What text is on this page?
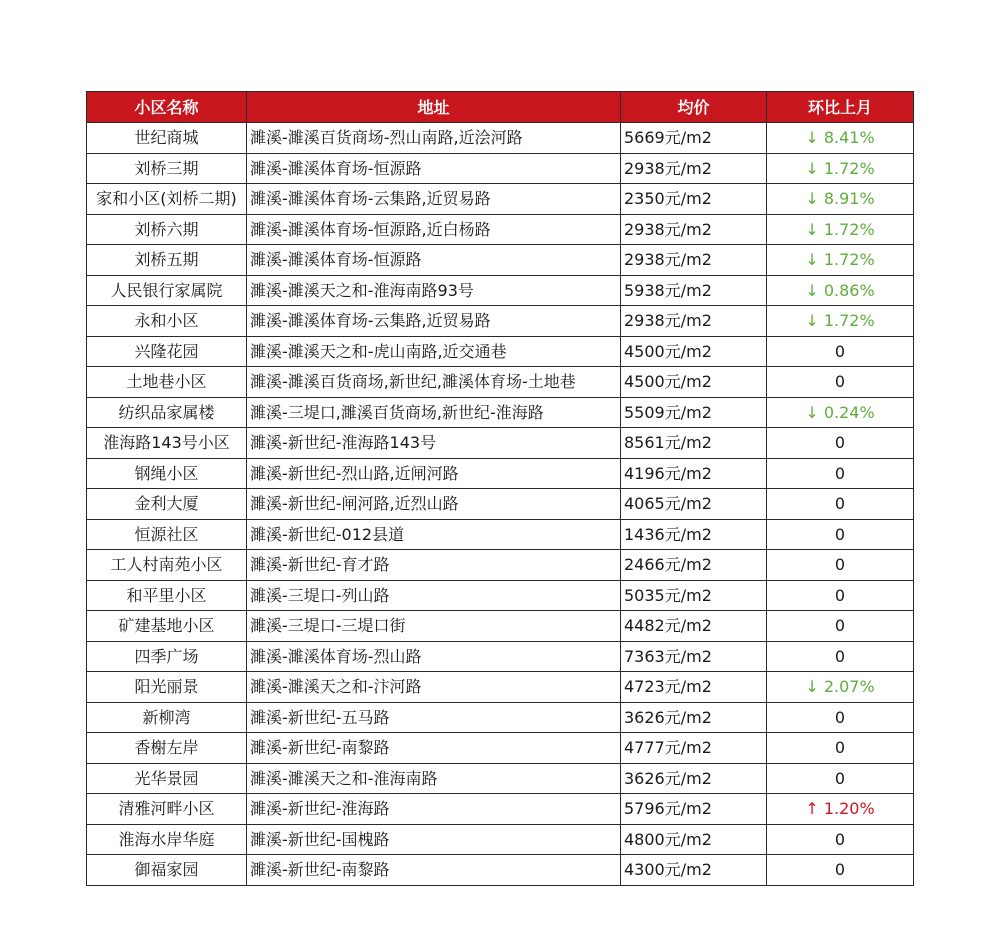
小区名称	地址	均价	环比上月
世纪商城	濉溪-濉溪百货商场-烈山南路,近浍河路	5669元/m2	↓ 8.41%
刘桥三期	濉溪-濉溪体育场-恒源路	2938元/m2	↓ 1.72%
家和小区(刘桥二期)	濉溪-濉溪体育场-云集路,近贸易路	2350元/m2	↓ 8.91%
刘桥六期	濉溪-濉溪体育场-恒源路,近白杨路	2938元/m2	↓ 1.72%
刘桥五期	濉溪-濉溪体育场-恒源路	2938元/m2	↓ 1.72%
人民银行家属院	濉溪-濉溪天之和-淮海南路93号	5938元/m2	↓ 0.86%
永和小区	濉溪-濉溪体育场-云集路,近贸易路	2938元/m2	↓ 1.72%
兴隆花园	濉溪-濉溪天之和-虎山南路,近交通巷	4500元/m2	0
土地巷小区	濉溪-濉溪百货商场,新世纪,濉溪体育场-土地巷	4500元/m2	0
纺织品家属楼	濉溪-三堤口,濉溪百货商场,新世纪-淮海路	5509元/m2	↓ 0.24%
淮海路143号小区	濉溪-新世纪-淮海路143号	8561元/m2	0
钢绳小区	濉溪-新世纪-烈山路,近闸河路	4196元/m2	0
金利大厦	濉溪-新世纪-闸河路,近烈山路	4065元/m2	0
恒源社区	濉溪-新世纪-012县道	1436元/m2	0
工人村南苑小区	濉溪-新世纪-育才路	2466元/m2	0
和平里小区	濉溪-三堤口-列山路	5035元/m2	0
矿建基地小区	濉溪-三堤口-三堤口街	4482元/m2	0
四季广场	濉溪-濉溪体育场-烈山路	7363元/m2	0
阳光丽景	濉溪-濉溪天之和-汴河路	4723元/m2	↓ 2.07%
新柳湾	濉溪-新世纪-五马路	3626元/m2	0
香榭左岸	濉溪-新世纪-南黎路	4777元/m2	0
光华景园	濉溪-濉溪天之和-淮海南路	3626元/m2	0
清雅河畔小区	濉溪-新世纪-淮海路	5796元/m2	↑ 1.20%
淮海水岸华庭	濉溪-新世纪-国槐路	4800元/m2	0
御福家园	濉溪-新世纪-南黎路	4300元/m2	0
